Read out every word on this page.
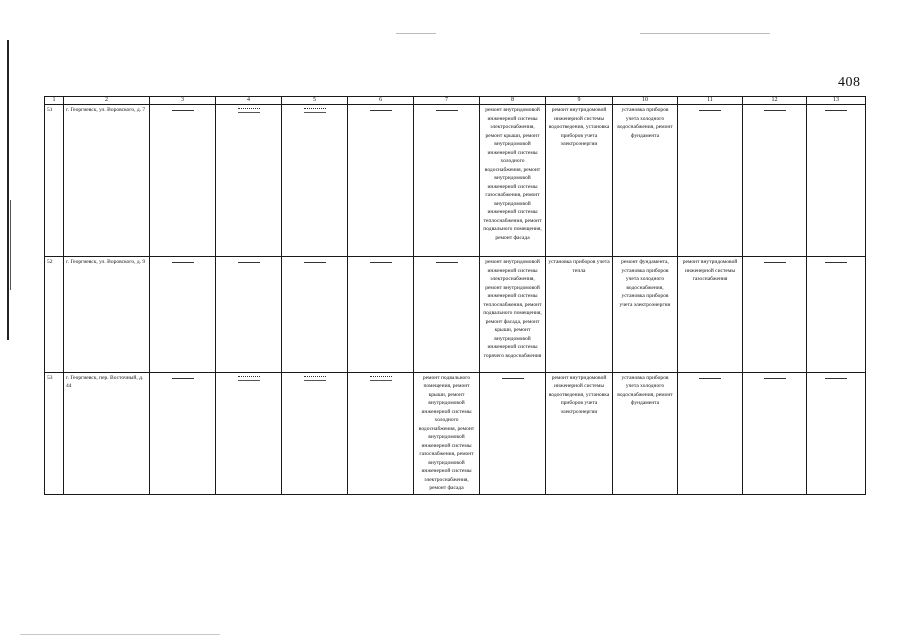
408
1	2	3	4	5	6	7	8	9	10	11	12	13
51	г. Георгиевск, ул. Воровского, д. 7						ремонт внутридомовой инженерной системы электроснабжения, ремонт крыши, ремонт внутридомовой инженерной системы холодного водоснабжения, ремонт внутридомовой инженерной системы газоснабжения, ремонт внутридомовой инженерной системы теплоснабжения, ремонт подвального помещения, ремонт фасада	ремонт внутридомовой инженерной системы водоотведения, установка приборов учета электроэнергии	установка приборов учета холодного водоснабжения, ремонт фундамента	

52	г. Георгиевск, ул. Воровского, д. 9						ремонт внутридомовой инженерной системы электроснабжения, ремонт внутридомовой инженерной системы теплоснабжения, ремонт подвального помещения, ремонт фасада, ремонт крыши, ремонт внутридомовой инженерной системы горячего водоснабжения	установка приборов учета тепла	ремонт фундамента, установка приборов учета холодного водоснабжения, установка приборов учета электроэнергии	ремонт внутридомовой инженерной системы газоснабжения	

53	г. Георгиевск, пер. Восточный, д. 44					ремонт подвального помещения, ремонт крыши, ремонт внутридомовой инженерной системы холодного водоснабжения, ремонт внутридомовой инженерной системы газоснабжения, ремонт внутридомовой инженерной системы электроснабжения, ремонт фасада		ремонт внутридомовой инженерной системы водоотведения, установка приборов учета электроэнергии	установка приборов учета холодного водоснабжения, ремонт фундамента	
